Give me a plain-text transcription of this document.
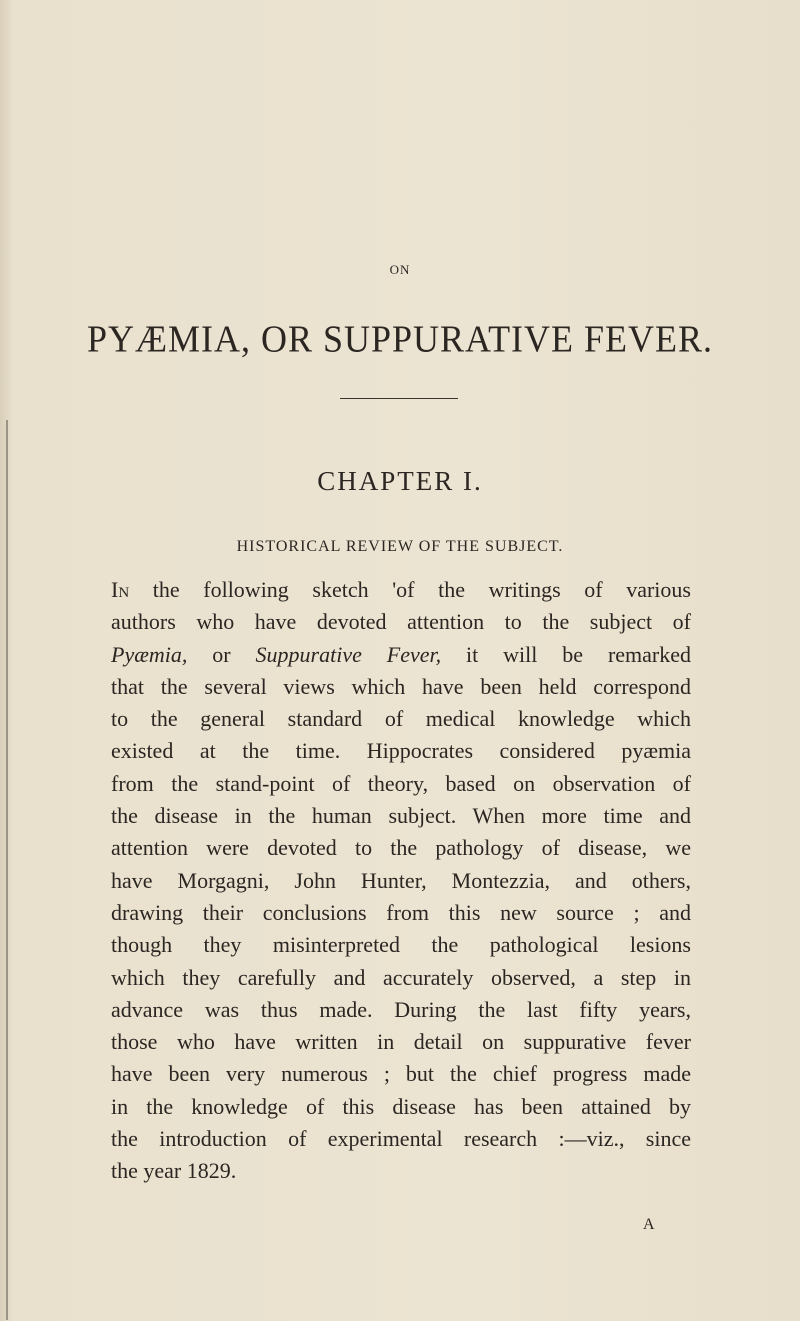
ON
PYÆMIA, OR SUPPURATIVE FEVER.
CHAPTER I.
HISTORICAL REVIEW OF THE SUBJECT.
In the following sketch 'of the writings of various
authors who have devoted attention to the subject of
Pyæmia, or Suppurative Fever, it will be remarked
that the several views which have been held correspond
to the general standard of medical knowledge which
existed at the time. Hippocrates considered pyæmia
from the stand-point of theory, based on observation of
the disease in the human subject. When more time and
attention were devoted to the pathology of disease, we
have Morgagni, John Hunter, Montezzia, and others,
drawing their conclusions from this new source ; and
though they misinterpreted the pathological lesions
which they carefully and accurately observed, a step in
advance was thus made. During the last fifty years,
those who have written in detail on suppurative fever
have been very numerous ; but the chief progress made
in the knowledge of this disease has been attained by
the introduction of experimental research :—viz., since
the year 1829.
A
